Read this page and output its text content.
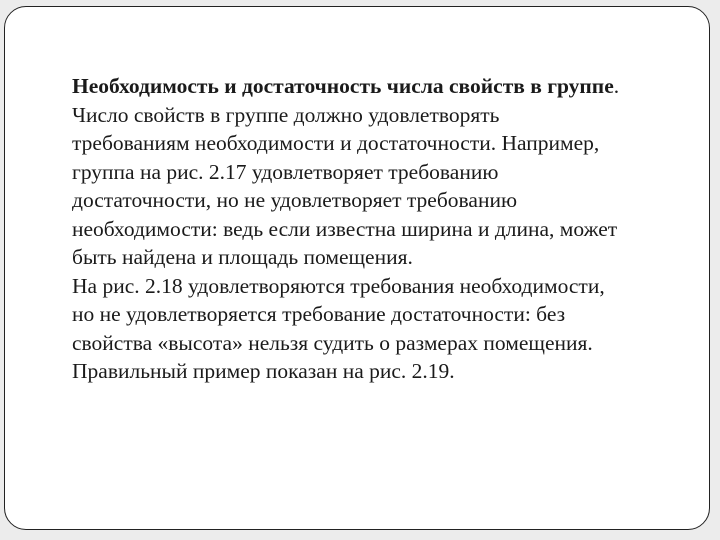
Необходимость и достаточность числа свойств в группе.
Число свойств в группе должно удовлетворять
требованиям необходимости и достаточности. Например,
группа на рис. 2.17 удовлетворяет требованию
достаточности, но не удовлетворяет требованию
необходимости: ведь если известна ширина и длина, может
быть найдена и площадь помещения.
На рис. 2.18 удовлетворяются требования необходимости,
но не удовлетворяется требование достаточности: без
свойства «высота» нельзя судить о размерах помещения.
Правильный пример показан на рис. 2.19.
